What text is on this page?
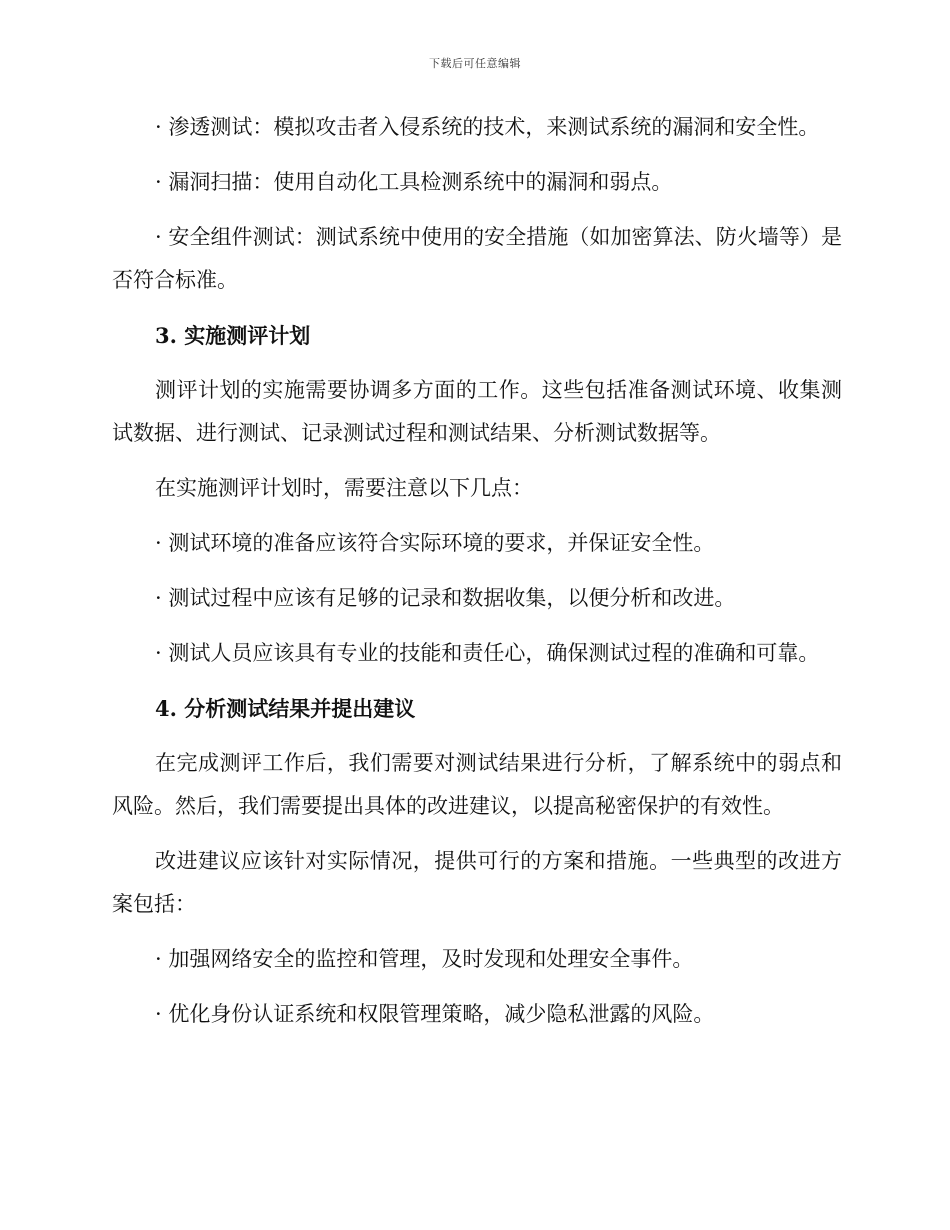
下载后可任意编辑

· 渗透测试：模拟攻击者入侵系统的技术，来测试系统的漏洞和安全性。

· 漏洞扫描：使用自动化工具检测系统中的漏洞和弱点。

· 安全组件测试：测试系统中使用的安全措施（如加密算法、防火墙等）是否符合标准。

3. 实施测评计划

测评计划的实施需要协调多方面的工作。这些包括准备测试环境、收集测试数据、进行测试、记录测试过程和测试结果、分析测试数据等。

在实施测评计划时，需要注意以下几点：

· 测试环境的准备应该符合实际环境的要求，并保证安全性。

· 测试过程中应该有足够的记录和数据收集，以便分析和改进。

· 测试人员应该具有专业的技能和责任心，确保测试过程的准确和可靠。

4. 分析测试结果并提出建议

在完成测评工作后，我们需要对测试结果进行分析，了解系统中的弱点和风险。然后，我们需要提出具体的改进建议，以提高秘密保护的有效性。

改进建议应该针对实际情况，提供可行的方案和措施。一些典型的改进方案包括：

· 加强网络安全的监控和管理，及时发现和处理安全事件。

· 优化身份认证系统和权限管理策略，减少隐私泄露的风险。
